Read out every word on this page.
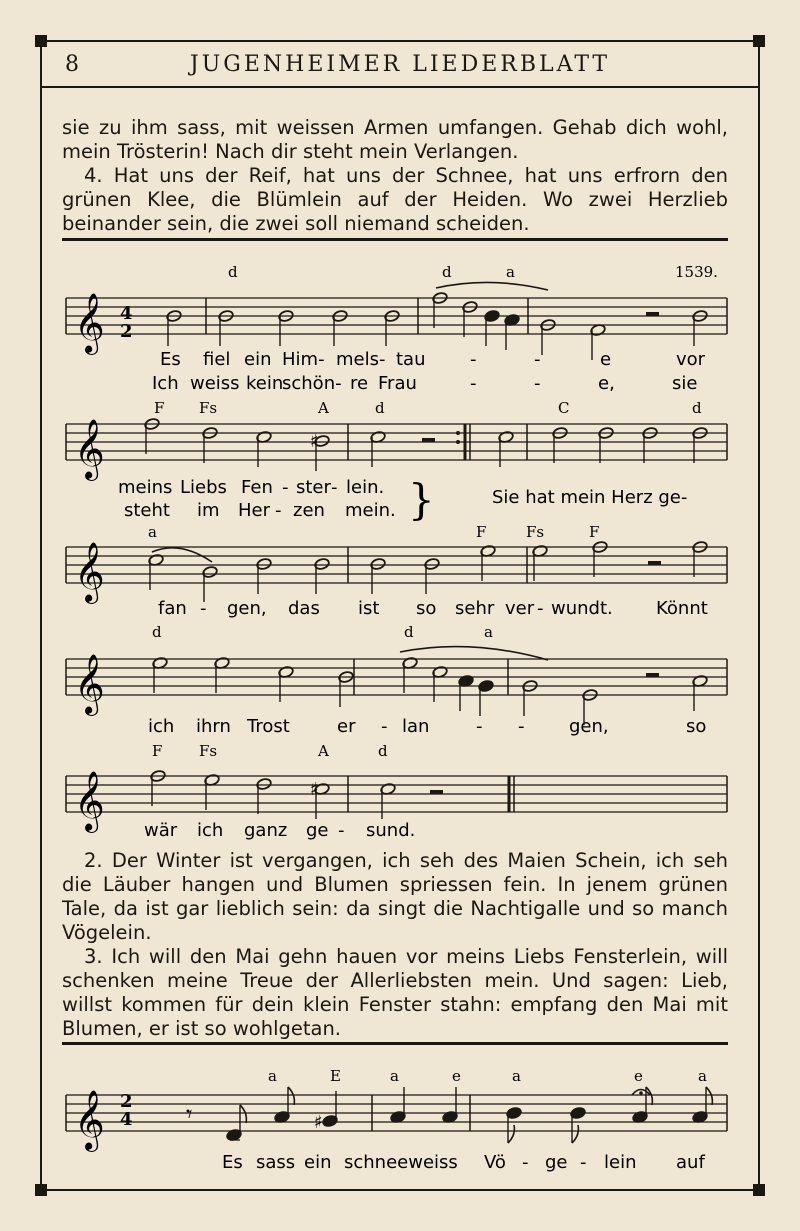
8	JUGENHEIMER LIEDERBLATT

sie zu ihm sass, mit weissen Armen umfangen. Gehab dich wohl, mein Trösterin! Nach dir steht mein Verlangen.

4. Hat uns der Reif, hat uns der Schnee, hat uns erfrorn den grünen Klee, die Blümlein auf der Heiden. Wo zwei Herzlieb beinander sein, die zwei soll niemand scheiden.

1539.
d	d	a
Es fiel ein Him- mels- tau -	-	e	vor
Ich weiss kein
schön- re Frau	-	-	e,	sie
F Fs	A	d	C	d
meins Liebs Fen - ster - lein.
steht im Her - zen mein. }	Sie hat mein Herz ge-
a	F	Fs	F
fan - gen, das ist so sehr ver - wundt. Könnt
d	d	a
ich ihrn Trost	er - lan	- - gen,	so
F Fs	A	d
wär ich ganz ge - sund.
a	E	a	e	a	e	a
Es sass ein schneeweiss Vö - ge - lein auf
4
2
2
4
𝄞
𝄞	♯
𝄞
𝄞
𝄞	♯
𝄞	𝄾	♯

2. Der Winter ist vergangen, ich seh des Maien Schein, ich seh die Läuber hangen und Blumen spriessen fein. In jenem grünen Tale, da ist gar lieblich sein: da singt die Nachtigalle und so manch Vögelein.

3. Ich will den Mai gehn hauen vor meins Liebs Fensterlein, will schenken meine Treue der Allerliebsten mein. Und sagen: Lieb, willst kommen für dein klein Fenster stahn: empfang den Mai mit Blumen, er ist so wohlgetan.
